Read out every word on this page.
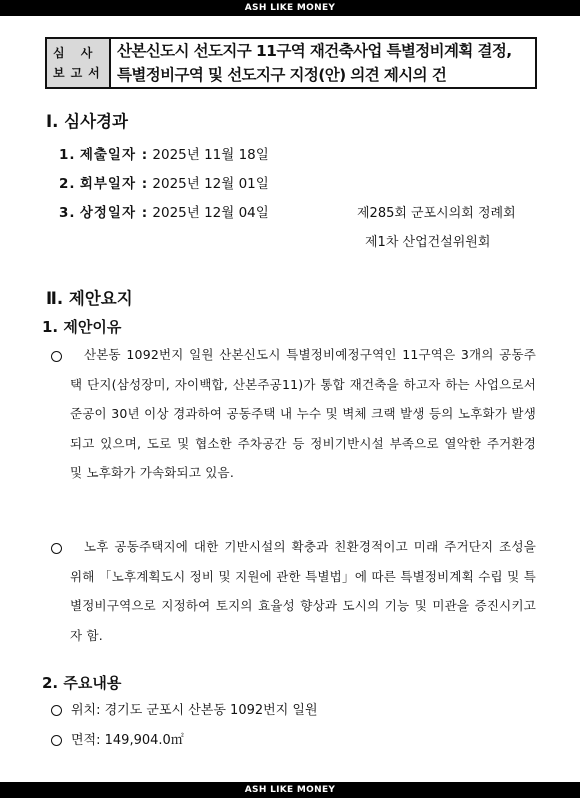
ASH LIKE MONEY
심 사
보고서
산본신도시 선도지구 11구역 재건축사업 특별정비계획 결정,
특별정비구역 및 선도지구 지정(안) 의견 제시의 건
Ⅰ. 심사경과
1. 제출일자 : 2025년 11월 18일
2. 회부일자 : 2025년 12월 01일
3. 상정일자 : 2025년 12월 04일	제285회 군포시의회 정례회
제1차 산업건설위원회
Ⅱ. 제안요지
1. 제안이유
산본동 1092번지 일원 산본신도시 특별정비예정구역인 11구역은 3개의 공동주택 단지(삼성장미, 자이백합, 산본주공11)가 통합 재건축을 하고자 하는 사업으로서 준공이 30년 이상 경과하여 공동주택 내 누수 및 벽체 크랙 발생 등의 노후화가 발생되고 있으며, 도로 및 협소한 주차공간 등 정비기반시설 부족으로 열악한 주거환경 및 노후화가 가속화되고 있음.
노후 공동주택지에 대한 기반시설의 확충과 친환경적이고 미래 주거단지 조성을 위해 「노후계획도시 정비 및 지원에 관한 특별법」에 따른 특별정비계획 수립 및 특별정비구역으로 지정하여 토지의 효율성 향상과 도시의 기능 및 미관을 증진시키고자 함.
2. 주요내용
위치: 경기도 군포시 산본동 1092번지 일원
면적: 149,904.0㎡
ASH LIKE MONEY
